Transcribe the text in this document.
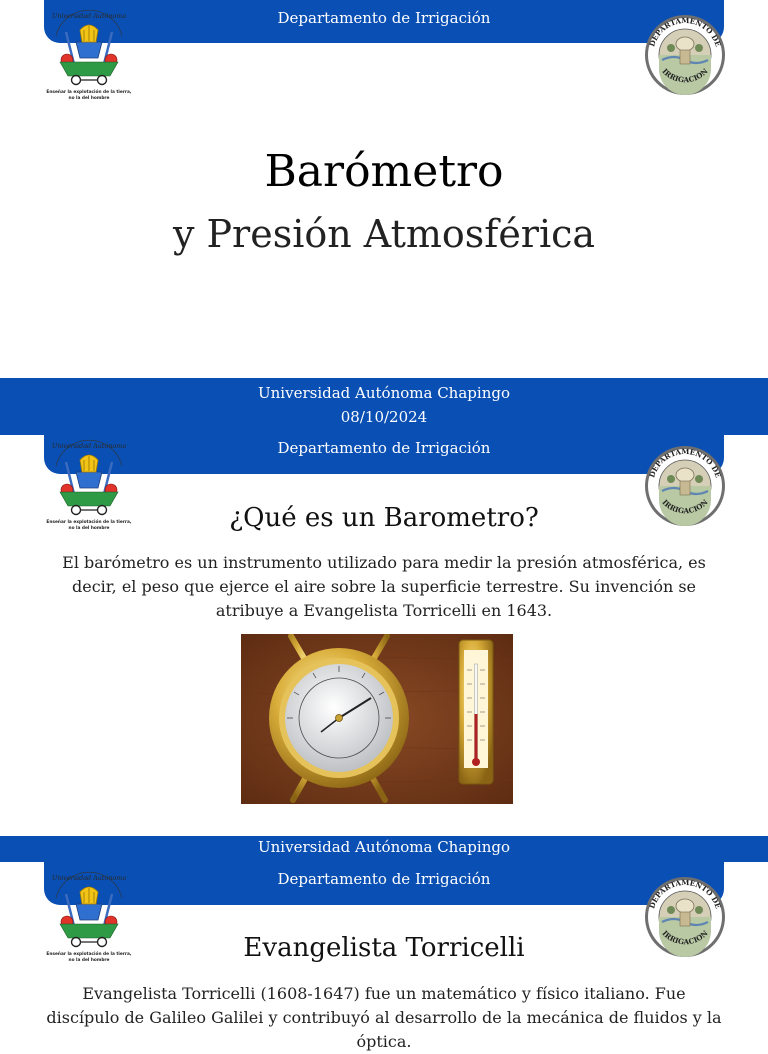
Departamento de Irrigación
Enseñar la explotación de la tierra, no la del hombre
Barómetro
y Presión Atmosférica
Universidad Autónoma Chapingo
08/10/2024
Departamento de Irrigación
Enseñar la explotación de la tierra, no la del hombre	¿Qué es un Barometro?
El barómetro es un instrumento utilizado para medir la presión atmosférica, es decir, el peso que ejerce el aire sobre la superficie terrestre. Su invención se atribuye a Evangelista Torricelli en 1643.
Universidad Autónoma Chapingo
Departamento de Irrigación
Enseñar la explotación de la tierra, no la del hombre	Evangelista Torricelli
Evangelista Torricelli (1608-1647) fue un matemático y físico italiano. Fue discípulo de Galileo Galilei y contribuyó al desarrollo de la mecánica de fluidos y la óptica.
